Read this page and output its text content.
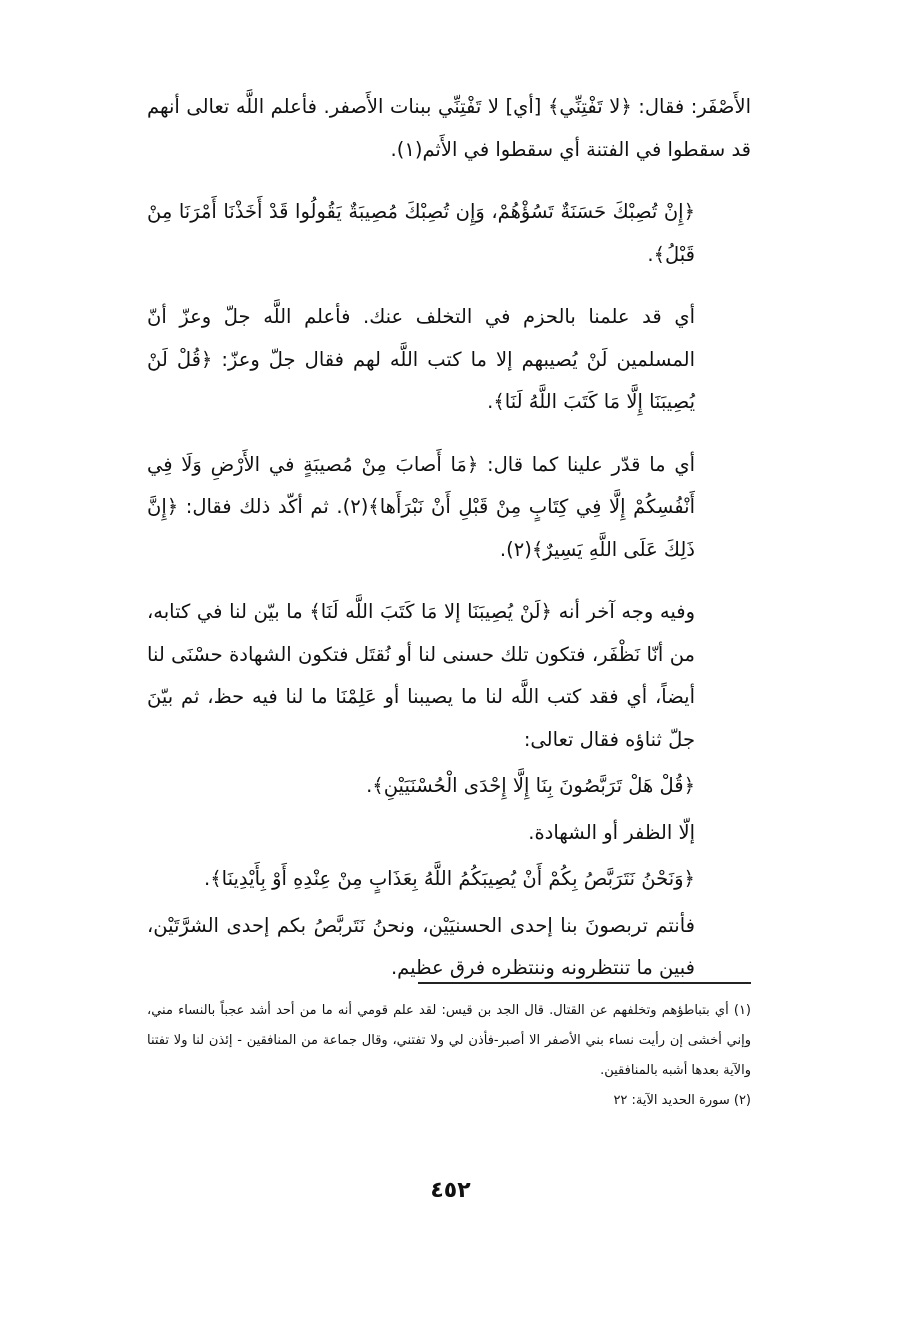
الأَصْفَر: فقال: ﴿لا تَفْتِنِّي﴾ [أي] لا تَفْتِنِّي ببنات الأَصفر. فأعلم اللَّه تعالى أنهم قد سقطوا في الفتنة أي سقطوا في الأَثم(١).

﴿إِنْ تُصِبْكَ حَسَنَةٌ تَسُؤْهُمْ، وَإِن تُصِبْكَ مُصِيبَةٌ يَقُولُوا قَدْ أَخَذْنَا أَمْرَنَا مِنْ قَبْلُ﴾.

أي قد علمنا بالحزم في التخلف عنك. فأعلم اللَّه جلّ وعزّ أنّ المسلمين لَنْ يُصيبهم إلا ما كتب اللَّه لهم فقال جلّ وعزّ: ﴿قُلْ لَنْ يُصِيبَنَا إِلَّا مَا كَتَبَ اللَّهُ لَنَا﴾.

أي ما قدّر علينا كما قال: ﴿مَا أَصابَ مِنْ مُصيبَةٍ في الأَرْضِ وَلَا فِي أَنْفُسِكُمْ إِلَّا فِي كِتَابٍ مِنْ قَبْلِ أَنْ نَبْرَأَها﴾(٢). ثم أكّد ذلك فقال: ﴿إِنَّ ذَلِكَ عَلَى اللَّهِ يَسِيرٌ﴾(٢).

وفيه وجه آخر أنه ﴿لَنْ يُصِيبَنَا إلا مَا كَتَبَ اللَّه لَنَا﴾ ما بيّن لنا في كتابه، من أنّا نَظْفَر، فتكون تلك حسنى لنا أو نُقتَل فتكون الشهادة حسْنَى لنا أيضاً، أي فقد كتب اللَّه لنا ما يصيبنا أو عَلِمْنَا ما لنا فيه حظ، ثم بيّنَ جلّ ثناؤه فقال تعالى:

﴿قُلْ هَلْ تَرَبَّصُونَ بِنَا إِلَّا إِحْدَى الْحُسْنَيَيْنِ﴾.

إلّا الظفر أو الشهادة.

﴿وَنَحْنُ نَتَرَبَّصُ بِكُمْ أَنْ يُصِيبَكُمُ اللَّهُ بِعَذَابٍ مِنْ عِنْدِهِ أَوْ بِأَيْدِينَا﴾.

فأنتم تربصونَ بنا إحدى الحسنيَيْن، ونحنُ نَتَربَّصُ بكم إحدى الشرَّتَيْن، فبين ما تنتظرونه وننتظره فرق عظيم.

(١) أي بتباطؤهم وتخلفهم عن القتال. قال الجد بن قيس: لقد علم قومي أنه ما من أحد أشد عجباً بالنساء مني، وإني أخشى إن رأيت نساء بني الأصفر الا أصبر-فأذن لي ولا تفتني، وقال جماعة من المنافقين - إئذن لنا ولا تفتنا والآية بعدها أشبه بالمنافقين.

(٢) سورة الحديد الآية: ٢٢

٤٥٢
